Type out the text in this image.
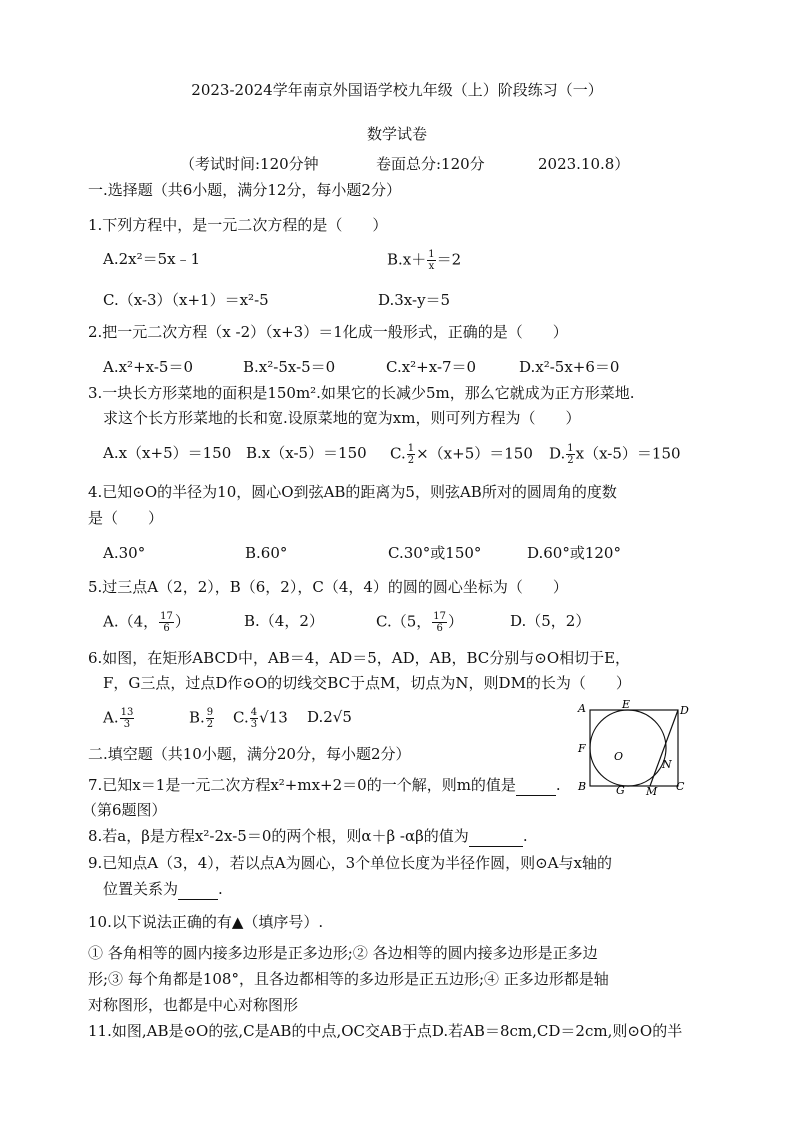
2023-2024学年南京外国语学校九年级（上）阶段练习（一）
数学试卷
（考试时间:120分钟	卷面总分:120分	2023.10.8）
一.选择题（共6小题，满分12分，每小题2分）
1.下列方程中，是一元二次方程的是（　　）
A.2x²＝5x﹣1	$B.x+ \frac{1}{x} =2$
C.（x-3）（x+1）＝x²-5	D.3x-y＝5
2.把一元二次方程（x -2）（x+3）＝1化成一般形式，正确的是（　　）
A.x²+x-5＝0	B.x²-5x-5＝0	C.x²+x-7＝0	D.x²-5x+6＝0
3.一块长方形菜地的面积是150m².如果它的长减少5m，那么它就成为正方形菜地.
求这个长方形菜地的长和宽.设原菜地的宽为xm，则可列方程为（　　）
A.x（x+5）＝150 B.x（x-5）＝150 C. $\frac{1}{2} \times(x+5)=150$ D. $\frac{1}{2} x(x-5)=150$
4.已知⊙O的半径为10，圆心O到弦AB的距离为5，则弦AB所对的圆周角的度数
是（　　）
A.30°	B.60°	C.30°或150°	D.60°或120°
5.过三点A（2，2），B（6，2），C（4，4）的圆的圆心坐标为（　　）
A.（4， $\frac{17}{6}$ ）	B.（4，2）	C.（5， $\frac{17}{6}$ ）	D.（5，2）
6.如图，在矩形ABCD中，AB＝4，AD＝5，AD，AB，BC分别与⊙O相切于E，
F，G三点，过点D作⊙O的切线交BC于点M，切点为N，则DM的长为（　　）
A. $\frac{13}{3}$	B. $\frac{9}{2} C$. $\frac{4}{3} √13$ D.2√5	A	E	D
F
O
N
B	G M C
二.填空题（共10小题，满分20分，每小题2分）
7.已知x＝1是一元二次方程x²+mx+2＝0的一个解，则m的值是	.
（第6题图）
8.若a，β是方程x²-2x-5＝0的两个根，则α＋β -αβ的值为	.
9.已知点A（3，4），若以点A为圆心，3个单位长度为半径作圆，则⊙A与x轴的
位置关系为	.
10.以下说法正确的有▲（填序号）.
① 各角相等的圆内接多边形是正多边形;② 各边相等的圆内接多边形是正多边
形;③ 每个角都是108°，且各边都相等的多边形是正五边形;④ 正多边形都是轴
对称图形，也都是中心对称图形
11.如图,AB是⊙O的弦,C是AB的中点,OC交AB于点D.若AB＝8cm,CD＝2cm,则⊙O的半
